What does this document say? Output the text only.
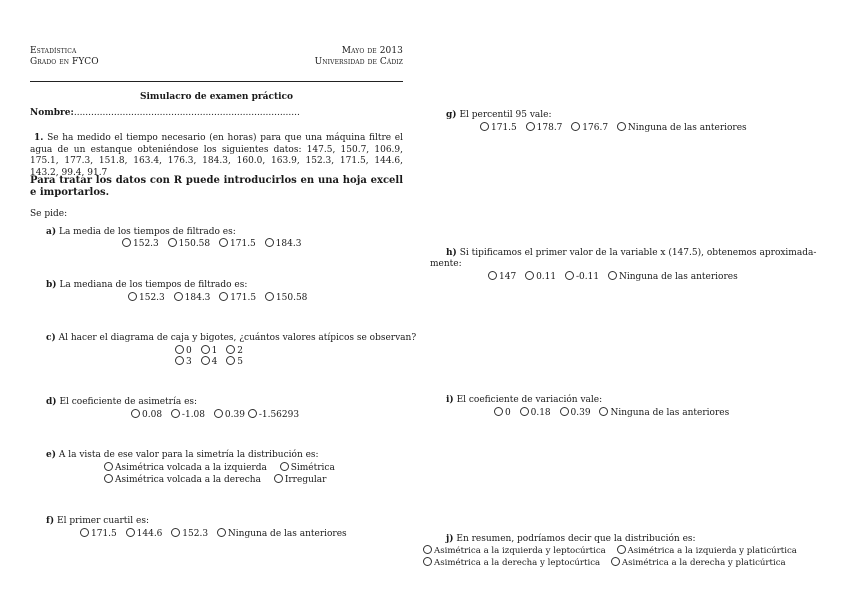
Estadística
Grado en FYCO
Mayo de 2013
Universidad de Cádiz
Simulacro de examen práctico
Nombre:...............................................................................
1. Se ha medido el tiempo necesario (en horas) para que una máquina filtre el agua de un estanque obteniéndose los siguientes datos: 147.5, 150.7, 106.9, 175.1, 177.3, 151.8, 163.4, 176.3, 184.3, 160.0, 163.9, 152.3, 171.5, 144.6, 143.2, 99.4, 91.7
Para tratar los datos con R puede introducirlos en una hoja excell e importarlos.
Se pide:
a) La media de los tiempos de filtrado es:
152.3 150.58 171.5 184.3
b) La mediana de los tiempos de filtrado es:
152.3 184.3 171.5 150.58
c) Al hacer el diagrama de caja y bigotes, ¿cuántos valores atípicos se observan?
0 1 2
3 4 5
d) El coeficiente de asimetría es:
0.08 -1.08 0.39 -1.56293
e) A la vista de ese valor para la simetría la distribución es:
Asimétrica volcada a la izquierda	Simétrica
Asimétrica volcada a la derecha	Irregular
f) El primer cuartil es:
171.5 144.6 152.3 Ninguna de las anteriores
g) El percentil 95 vale:
171.5 178.7 176.7 Ninguna de las anteriores
h) Si tipificamos el primer valor de la variable x (147.5), obtenemos aproximada-
mente:
147 0.11 -0.11 Ninguna de las anteriores
i) El coeficiente de variación vale:
0 0.18 0.39 Ninguna de las anteriores
j) En resumen, podríamos decir que la distribución es:
Asimétrica a la izquierda y leptocúrtica	Asimétrica a la izquierda y platicúrtica
Asimétrica a la derecha y leptocúrtica	Asimétrica a la derecha y platicúrtica
